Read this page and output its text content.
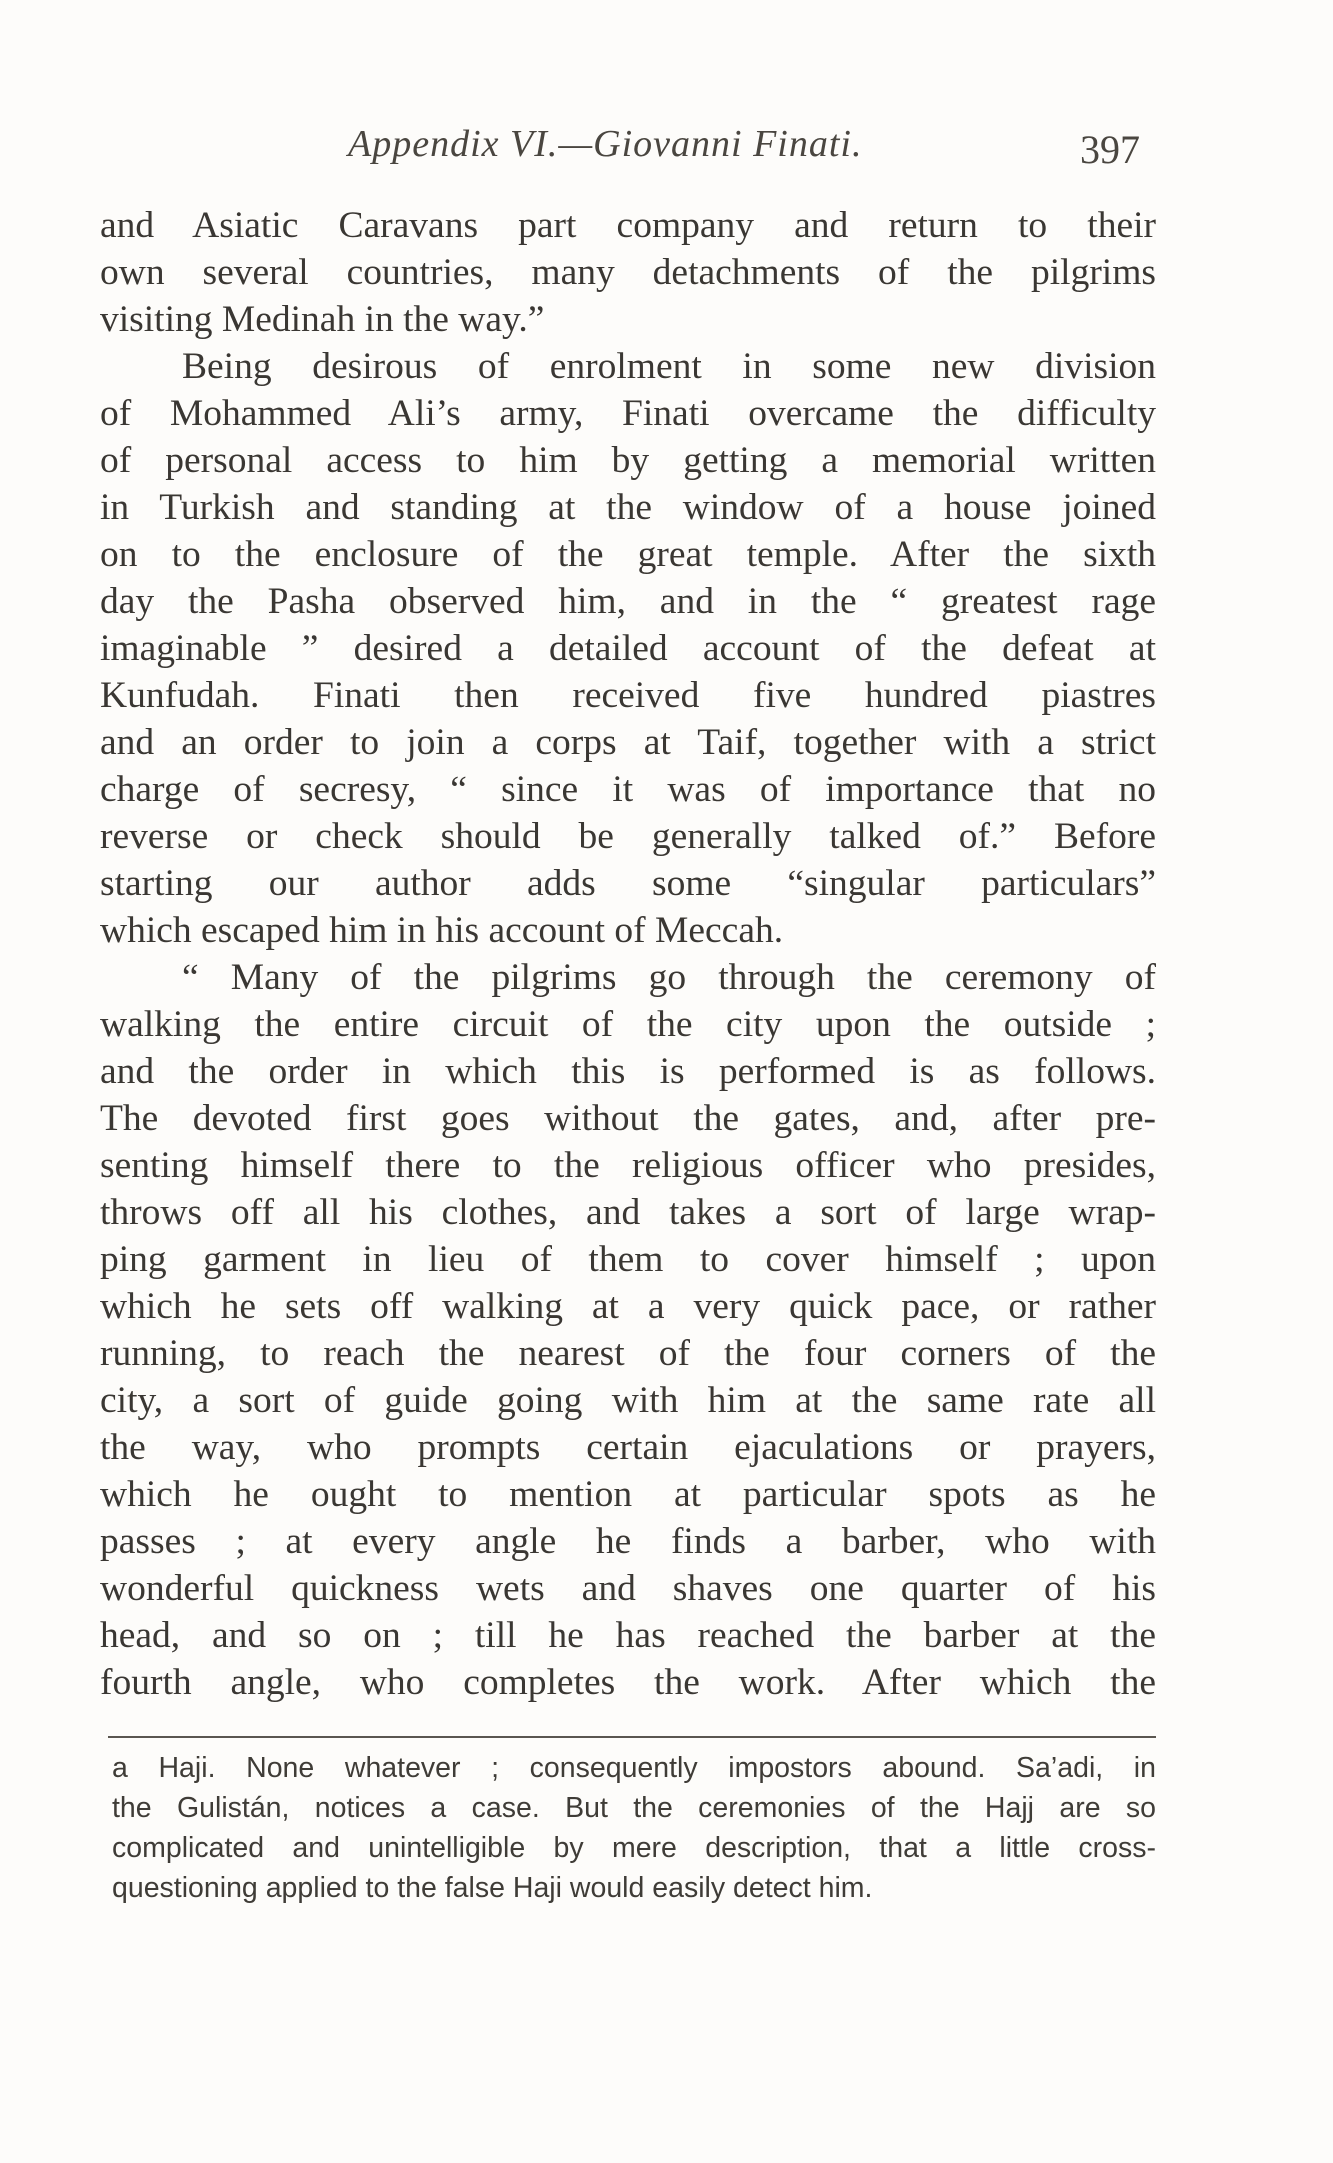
Appendix VI.—Giovanni Finati.	397
and Asiatic Caravans part company and return to their
own several countries, many detachments of the pilgrims
visiting Medinah in the way.”
Being desirous of enrolment in some new division
of Mohammed Ali’s army, Finati overcame the difficulty
of personal access to him by getting a memorial written
in Turkish and standing at the window of a house joined
on to the enclosure of the great temple. After the sixth
day the Pasha observed him, and in the “ greatest rage
imaginable ” desired a detailed account of the defeat at
Kunfudah. Finati then received five hundred piastres
and an order to join a corps at Taif, together with a strict
charge of secresy, “ since it was of importance that no
reverse or check should be generally talked of.” Before
starting our author adds some “singular particulars”
which escaped him in his account of Meccah.
“ Many of the pilgrims go through the ceremony of
walking the entire circuit of the city upon the outside ;
and the order in which this is performed is as follows.
The devoted first goes without the gates, and, after pre-
senting himself there to the religious officer who presides,
throws off all his clothes, and takes a sort of large wrap-
ping garment in lieu of them to cover himself ; upon
which he sets off walking at a very quick pace, or rather
running, to reach the nearest of the four corners of the
city, a sort of guide going with him at the same rate all
the way, who prompts certain ejaculations or prayers,
which he ought to mention at particular spots as he
passes ; at every angle he finds a barber, who with
wonderful quickness wets and shaves one quarter of his
head, and so on ; till he has reached the barber at the
fourth angle, who completes the work. After which the
a Haji. None whatever ; consequently impostors abound. Sa’adi, in
the Gulistán, notices a case. But the ceremonies of the Hajj are so
complicated and unintelligible by mere description, that a little cross-
questioning applied to the false Haji would easily detect him.
